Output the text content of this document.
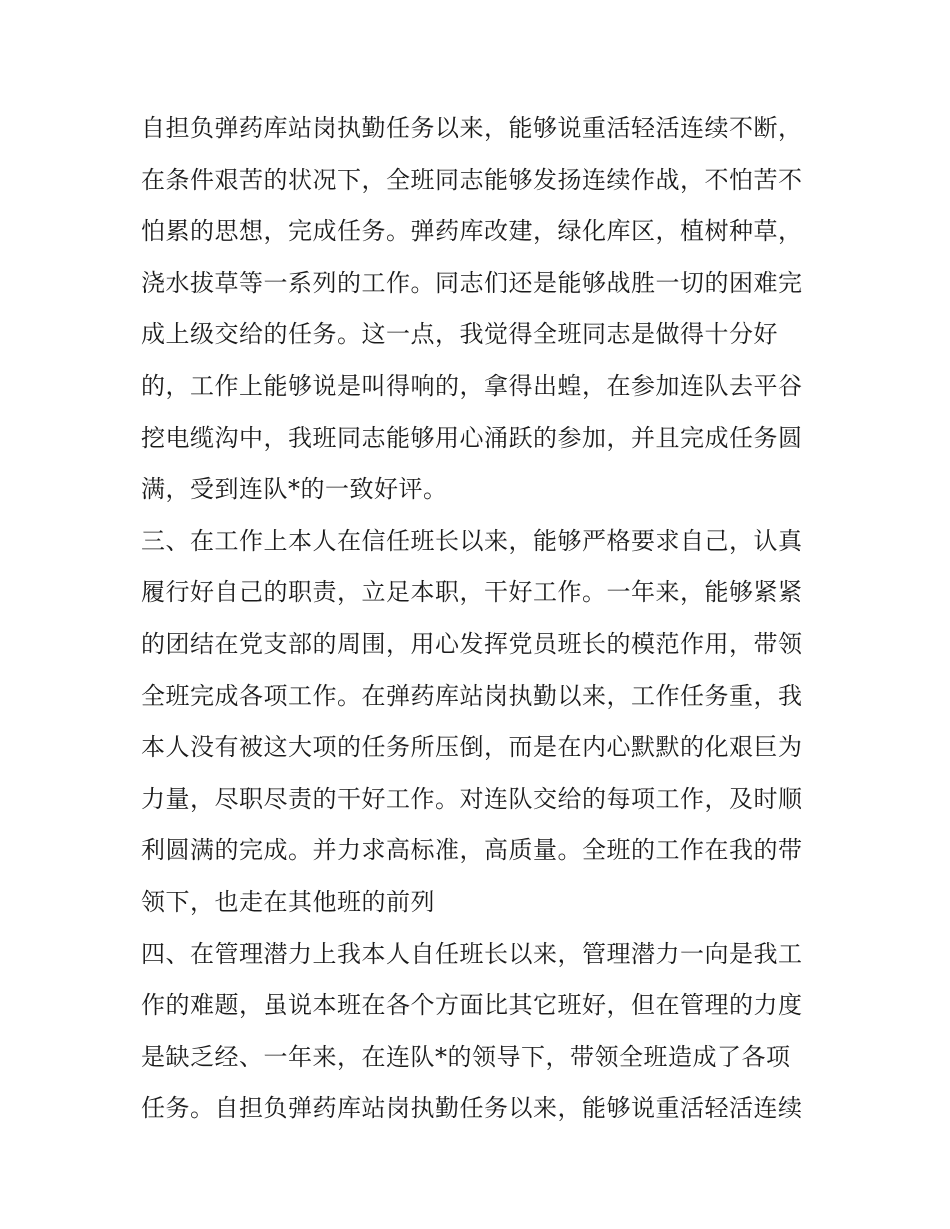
自担负弹药库站岗执勤任务以来，能够说重活轻活连续不断，
在条件艰苦的状况下，全班同志能够发扬连续作战，不怕苦不
怕累的思想，完成任务。弹药库改建，绿化库区，植树种草，
浇水拔草等一系列的工作。同志们还是能够战胜一切的困难完
成上级交给的任务。这一点，我觉得全班同志是做得十分好
的，工作上能够说是叫得响的，拿得出蝗，在参加连队去平谷
挖电缆沟中，我班同志能够用心涌跃的参加，并且完成任务圆
满，受到连队*的一致好评。
三、在工作上本人在信任班长以来，能够严格要求自己，认真
履行好自己的职责，立足本职，干好工作。一年来，能够紧紧
的团结在党支部的周围，用心发挥党员班长的模范作用，带领
全班完成各项工作。在弹药库站岗执勤以来，工作任务重，我
本人没有被这大项的任务所压倒，而是在内心默默的化艰巨为
力量，尽职尽责的干好工作。对连队交给的每项工作，及时顺
利圆满的完成。并力求高标准，高质量。全班的工作在我的带
领下，也走在其他班的前列
四、在管理潜力上我本人自任班长以来，管理潜力一向是我工
作的难题，虽说本班在各个方面比其它班好，但在管理的力度
是缺乏经、一年来，在连队*的领导下，带领全班造成了各项
任务。自担负弹药库站岗执勤任务以来，能够说重活轻活连续
